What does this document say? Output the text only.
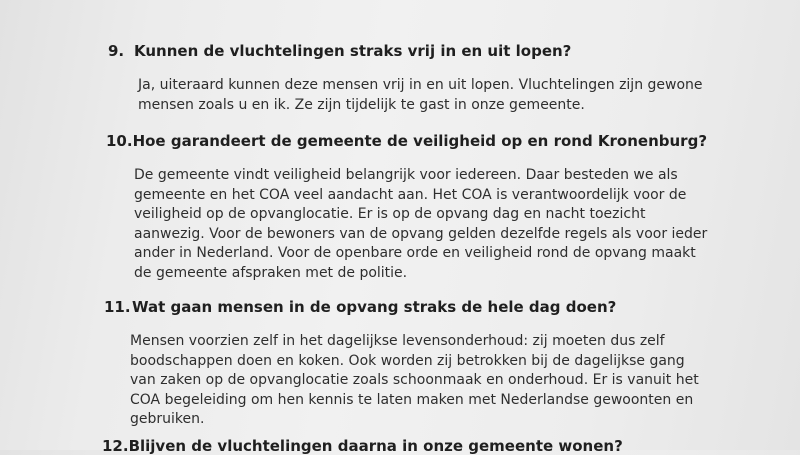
9. Kunnen de vluchtelingen straks vrij in en uit lopen?
Ja, uiteraard kunnen deze mensen vrij in en uit lopen. Vluchtelingen zijn gewone
mensen zoals u en ik. Ze zijn tijdelijk te gast in onze gemeente.
10.Hoe garandeert de gemeente de veiligheid op en rond Kronenburg?
De gemeente vindt veiligheid belangrijk voor iedereen. Daar besteden we als
gemeente en het COA veel aandacht aan. Het COA is verantwoordelijk voor de
veiligheid op de opvanglocatie. Er is op de opvang dag en nacht toezicht
aanwezig. Voor de bewoners van de opvang gelden dezelfde regels als voor ieder
ander in Nederland. Voor de openbare orde en veiligheid rond de opvang maakt
de gemeente afspraken met de politie.
11.Wat gaan mensen in de opvang straks de hele dag doen?
Mensen voorzien zelf in het dagelijkse levensonderhoud: zij moeten dus zelf
boodschappen doen en koken. Ook worden zij betrokken bij de dagelijkse gang
van zaken op de opvanglocatie zoals schoonmaak en onderhoud. Er is vanuit het
COA begeleiding om hen kennis te laten maken met Nederlandse gewoonten en
gebruiken.
12.Blijven de vluchtelingen daarna in onze gemeente wonen?
